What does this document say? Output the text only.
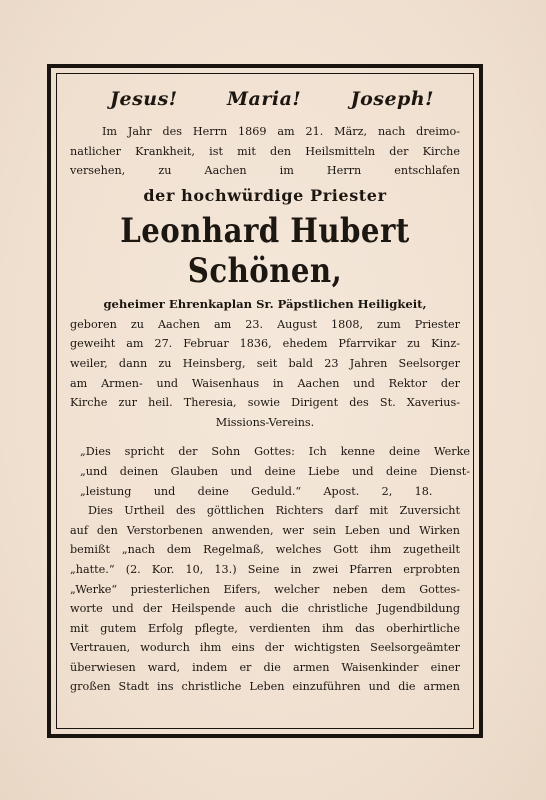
Jesus!	Maria!	Joseph!

Im Jahr des Herrn 1869 am 21. März, nach dreimo-
natlicher Krankheit, ist mit den Heilsmitteln der Kirche
versehen, zu Aachen im Herrn entschlafen

der hochwürdige Priester
Leonhard Hubert Schönen,
geheimer Ehrenkaplan Sr. Päpstlichen Heiligkeit,

geboren zu Aachen am 23. August 1808, zum Priester
geweiht am 27. Februar 1836, ehedem Pfarrvikar zu Kinz-
weiler, dann zu Heinsberg, seit bald 23 Jahren Seelsorger
am Armen- und Waisenhaus in Aachen und Rektor der
Kirche zur heil. Theresia, sowie Dirigent des St. Xaverius-
Missions-Vereins.

„Dies spricht der Sohn Gottes: Ich kenne deine Werke
„und deinen Glauben und deine Liebe und deine Dienst-
„leistung und deine Geduld.“ Apost. 2, 18.

Dies Urtheil des göttlichen Richters darf mit Zuversicht
auf den Verstorbenen anwenden, wer sein Leben und Wirken
bemißt „nach dem Regelmaß, welches Gott ihm zugetheilt
„hatte.“ (2. Kor. 10, 13.) Seine in zwei Pfarren erprobten
„Werke“ priesterlichen Eifers, welcher neben dem Gottes-
worte und der Heilspende auch die christliche Jugendbildung
mit gutem Erfolg pflegte, verdienten ihm das oberhirtliche
Vertrauen, wodurch ihm eins der wichtigsten Seelsorgeämter
überwiesen ward, indem er die armen Waisenkinder einer
großen Stadt ins christliche Leben einzuführen und die armen
